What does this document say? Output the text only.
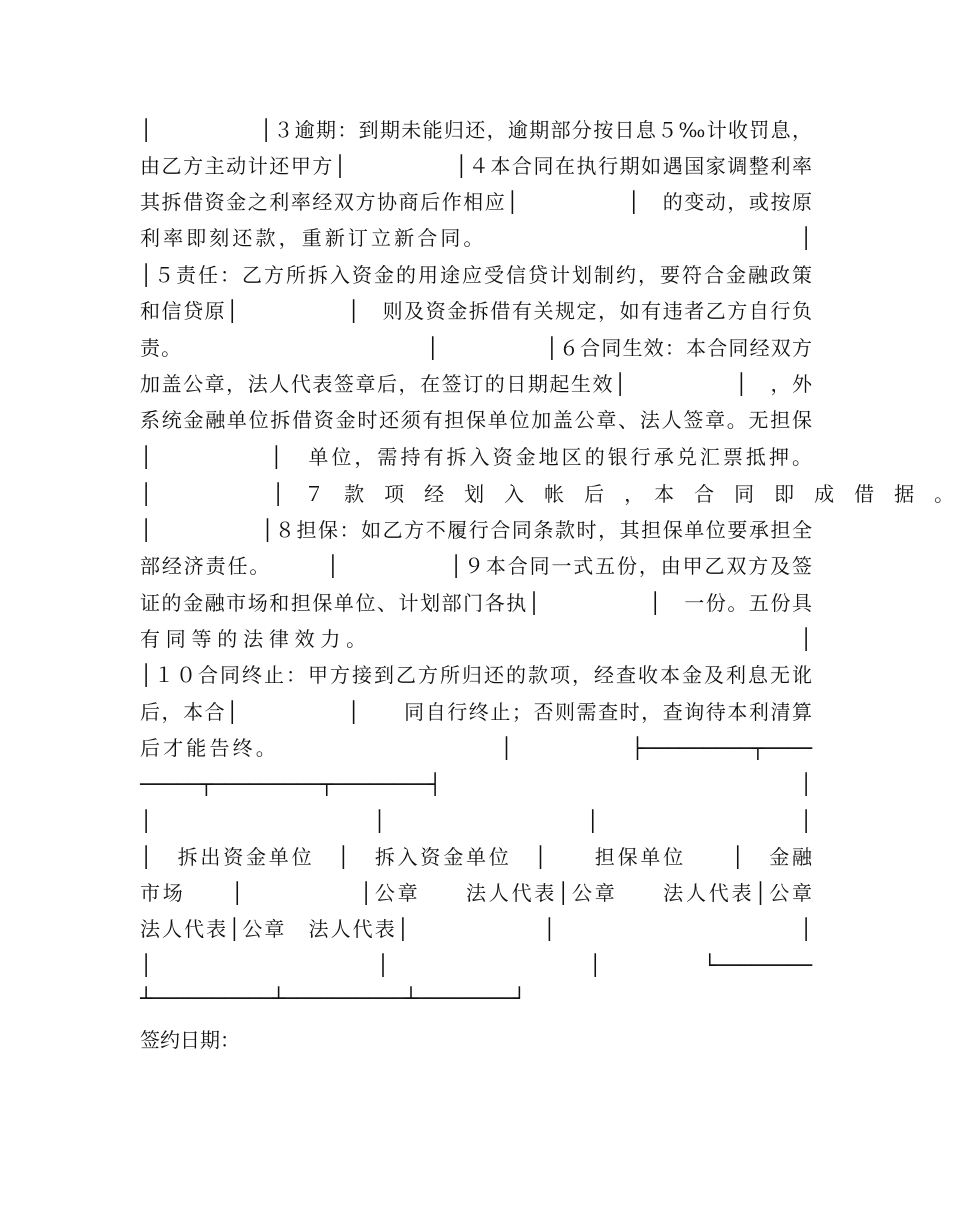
│　　　　　│３逾期：到期未能归还，逾期部分按日息５‰计收罚息，
由乙方主动计还甲方│　　　　　│４本合同在执行期如遇国家调整利率
其拆借资金之利率经双方协商后作相应│　　　　　│　的变动，或按原
利率即刻还款，重新订立新合同。　　　　　　　　　　　　　　│
│５责任：乙方所拆入资金的用途应受信贷计划制约，要符合金融政策
和信贷原│　　　　　│　则及资金拆借有关规定，如有违者乙方自行负
责。　　　　　　　　　　　　│　　　　　│６合同生效：本合同经双方
加盖公章，法人代表签章后，在签订的日期起生效│　　　　　│　，外
系统金融单位拆借资金时还须有担保单位加盖公章、法人签章。无担保
│　　　　　│　单位，需持有拆入资金地区的银行承兑汇票抵押。
│　　　　　　│　７　款　项　经　划　入　帐　后　，　本　合　同　即　成　借　据　。
│　　　　　│８担保：如乙方不履行合同条款时，其担保单位要承担全
部经济责任。　　　│　　　　　│９本合同一式五份，由甲乙双方及签
证的金融市场和担保单位、计划部门各执│　　　　　│　一份。五份具
有同等的法律效力。　　　　　　　　　　　　　　　　　│
│１０合同终止：甲方接到乙方所归还的款项，经查收本金及利息无讹
后，本合│　　　　　│　　同自行终止；否则需查时，查询待本利清算
后才能告终。　　　　　　　　　　│　　　　　├─────────┬────
─────┬─────────┬────────┤　　　　　　│
│　　　　　　　　　　　│　　　　　　　　　　│　　　　　　　　　　│
│　拆出资金单位　│　拆入资金单位　│　　担保单位　　│　金融
市场　　│　　　　　│公章　　法人代表│公章　　法人代表│公章
法人代表│公章　法人代表│　　　　　　│　　　　　　　　　　　│
│　　　　　　　　　│　　　　　　　　│　　　　└────────
┴──────────┴──────────┴────────┘
签约日期：
